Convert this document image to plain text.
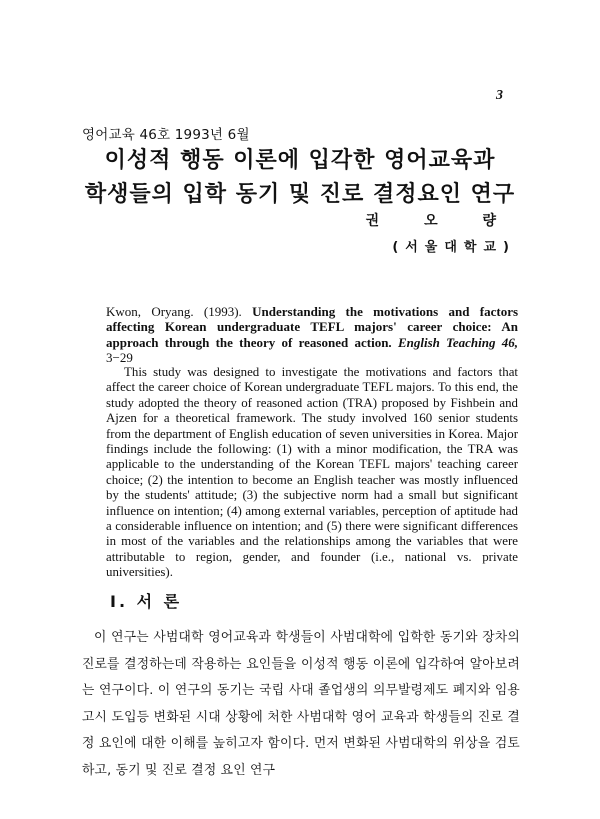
3
영어교육 46호 1993년 6월
이성적 행동 이론에 입각한 영어교육과
학생들의 입학 동기 및 진로 결정요인 연구
권 오 량
(서울대학교)
Kwon, Oryang. (1993). Understanding the motivations and factors affecting Korean undergraduate TEFL majors' career choice: An approach through the theory of reasoned action. English Teaching 46, 3−29
This study was designed to investigate the motivations and factors that affect the career choice of Korean undergraduate TEFL majors. To this end, the study adopted the theory of reasoned action (TRA) proposed by Fishbein and Ajzen for a theoretical framework. The study involved 160 senior students from the department of English education of seven universities in Korea. Major findings include the following: (1) with a minor modification, the TRA was applicable to the understanding of the Korean TEFL majors' teaching career choice; (2) the intention to become an English teacher was mostly influenced by the students' attitude; (3) the subjective norm had a small but significant influence on intention; (4) among external variables, perception of aptitude had a considerable influence on intention; and (5) there were significant differences in most of the variables and the relationships among the variables that were attributable to region, gender, and founder (i.e., national vs. private universities).
I. 서 론
이 연구는 사범대학 영어교육과 학생들이 사범대학에 입학한 동기와 장차의 진로를 결정하는데 작용하는 요인들을 이성적 행동 이론에 입각하여 알아보려는 연구이다. 이 연구의 동기는 국립 사대 졸업생의 의무발령제도 폐지와 임용 고시 도입등 변화된 시대 상황에 처한 사범대학 영어 교육과 학생들의 진로 결정 요인에 대한 이해를 높히고자 함이다. 먼저 변화된 사범대학의 위상을 검토하고, 동기 및 진로 결정 요인 연구
